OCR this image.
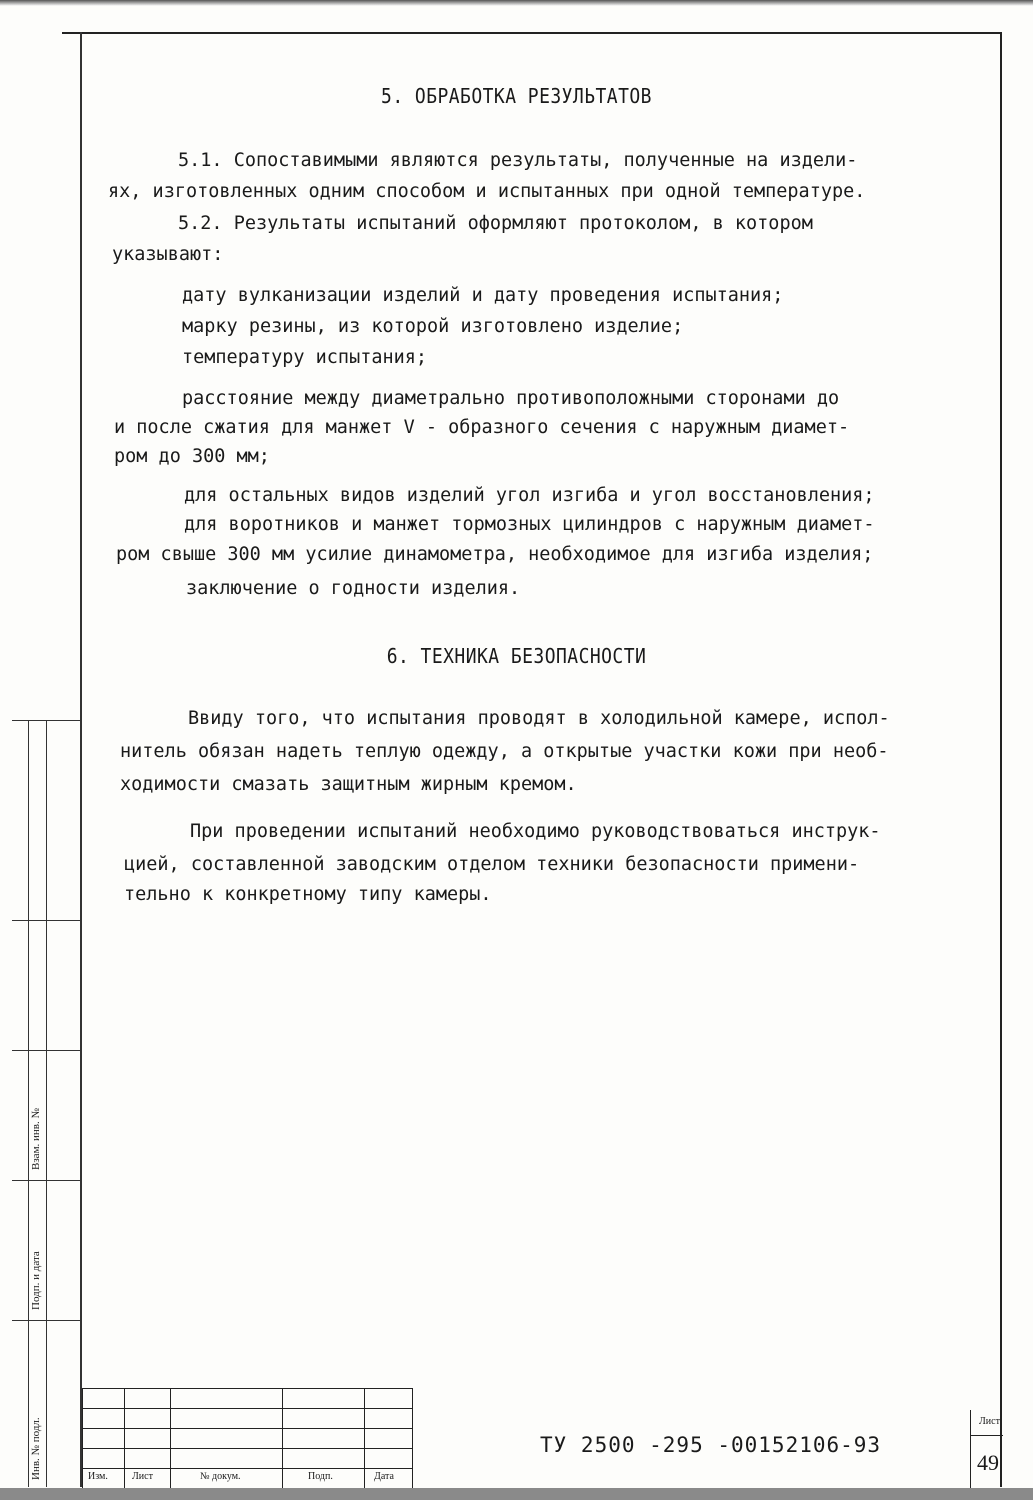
5. ОБРАБОТКА РЕЗУЛЬТАТОВ
5.1. Сопоставимыми являются результаты, полученные на издели-
ях, изготовленных одним способом и испытанных при одной температуре.
5.2. Результаты испытаний оформляют протоколом, в котором
указывают:
дату вулканизации изделий и дату проведения испытания;
марку резины, из которой изготовлено изделие;
температуру испытания;
расстояние между диаметрально противоположными сторонами до
и после сжатия для манжет V - образного сечения с наружным диамет-
ром до 300 мм;
для остальных видов изделий угол изгиба и угол восстановления;
для воротников и манжет тормозных цилиндров с наружным диамет-
ром свыше 300 мм усилие динамометра, необходимое для изгиба изделия;
заключение о годности изделия.
6. ТЕХНИКА БЕЗОПАСНОСТИ
Ввиду того, что испытания проводят в холодильной камере, испол-
нитель обязан надеть теплую одежду, а открытые участки кожи при необ-
ходимости смазать защитным жирным кремом.
При проведении испытаний необходимо руководствоваться инструк-
цией, составленной заводским отделом техники безопасности примени-
тельно к конкретному типу камеры.
Инв. № подл.
Подп. и дата
Взам. инв. №
Изм. Лист	№ докум.	Подп.	Дата
ТУ 2500 -295 -00152106-93
Лист
49
